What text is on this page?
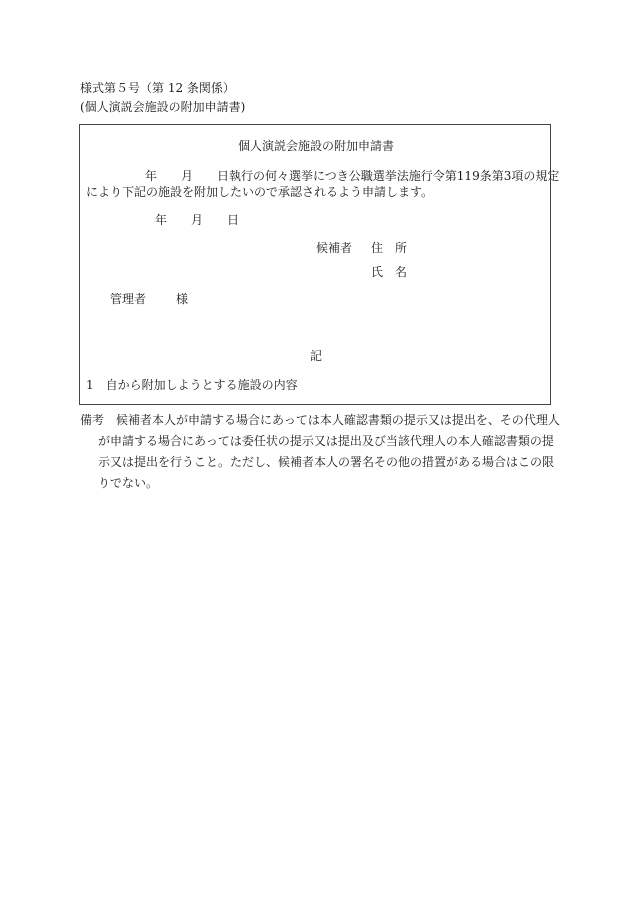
様式第５号（第 12 条関係）
(個人演説会施設の附加申請書)
個人演説会施設の附加申請書
年 月 日執行の何々選挙につき公職選挙法施行令第119条第3項の規定
により下記の施設を附加したいので承認されるよう申請します。
年 月 日
候補者 住　所
氏　名
管理者	様
記
1　自から附加しようとする施設の内容
備考 候補者本人が申請する場合にあっては本人確認書類の提示又は提出を、その代理人
が申請する場合にあっては委任状の提示又は提出及び当該代理人の本人確認書類の提
示又は提出を行うこと。ただし、候補者本人の署名その他の措置がある場合はこの限
りでない。
